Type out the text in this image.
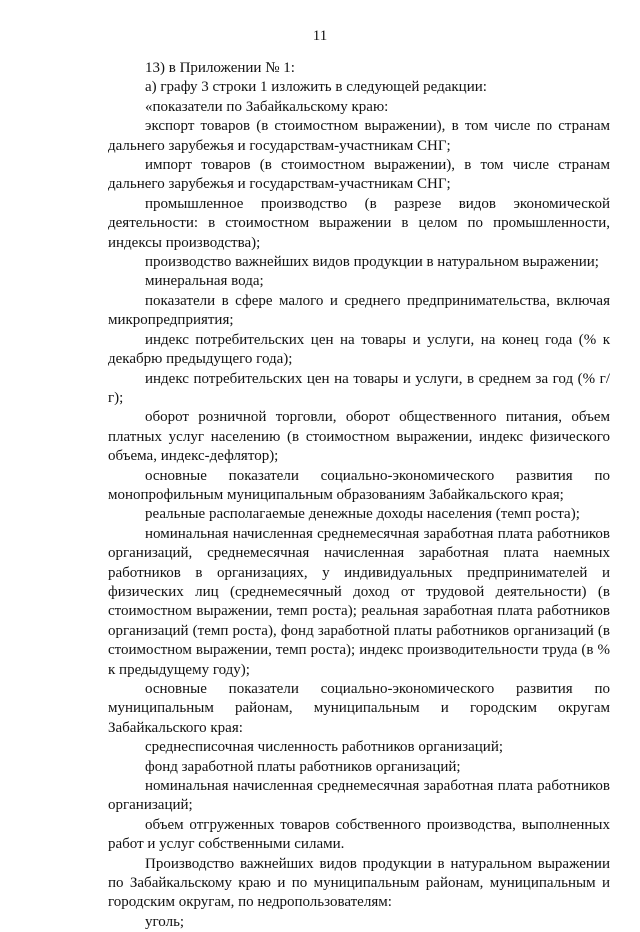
11

13) в Приложении № 1:

а) графу 3 строки 1 изложить в следующей редакции:

«показатели по Забайкальскому краю:

экспорт товаров (в стоимостном выражении), в том числе по странам дальнего зарубежья и государствам-участникам СНГ;

импорт товаров (в стоимостном выражении), в том числе странам дальнего зарубежья и государствам-участникам СНГ;

промышленное производство (в разрезе видов экономической деятельности: в стоимостном выражении в целом по промышленности, индексы производства);

производство важнейших видов продукции в натуральном выражении;

минеральная вода;

показатели в сфере малого и среднего предпринимательства, включая микропредприятия;

индекс потребительских цен на товары и услуги, на конец года (% к декабрю предыдущего года);

индекс потребительских цен на товары и услуги, в среднем за год (% г/г);

оборот розничной торговли, оборот общественного питания, объем платных услуг населению (в стоимостном выражении, индекс физического объема, индекс-дефлятор);

основные показатели социально-экономического развития по монопрофильным муниципальным образованиям Забайкальского края;

реальные располагаемые денежные доходы населения (темп роста);

номинальная начисленная среднемесячная заработная плата работников организаций, среднемесячная начисленная заработная плата наемных работников в организациях, у индивидуальных предпринимателей и физических лиц (среднемесячный доход от трудовой деятельности) (в стоимостном выражении, темп роста); реальная заработная плата работников организаций (темп роста), фонд заработной платы работников организаций (в стоимостном выражении, темп роста); индекс производительности труда (в % к предыдущему году);

основные показатели социально-экономического развития по муниципальным районам, муниципальным и городским округам Забайкальского края:

среднесписочная численность работников организаций;

фонд заработной платы работников организаций;

номинальная начисленная среднемесячная заработная плата работников организаций;

объем отгруженных товаров собственного производства, выполненных работ и услуг собственными силами.

Производство важнейших видов продукции в натуральном выражении по Забайкальскому краю и по муниципальным районам, муниципальным и городским округам, по недропользователям:

уголь;
